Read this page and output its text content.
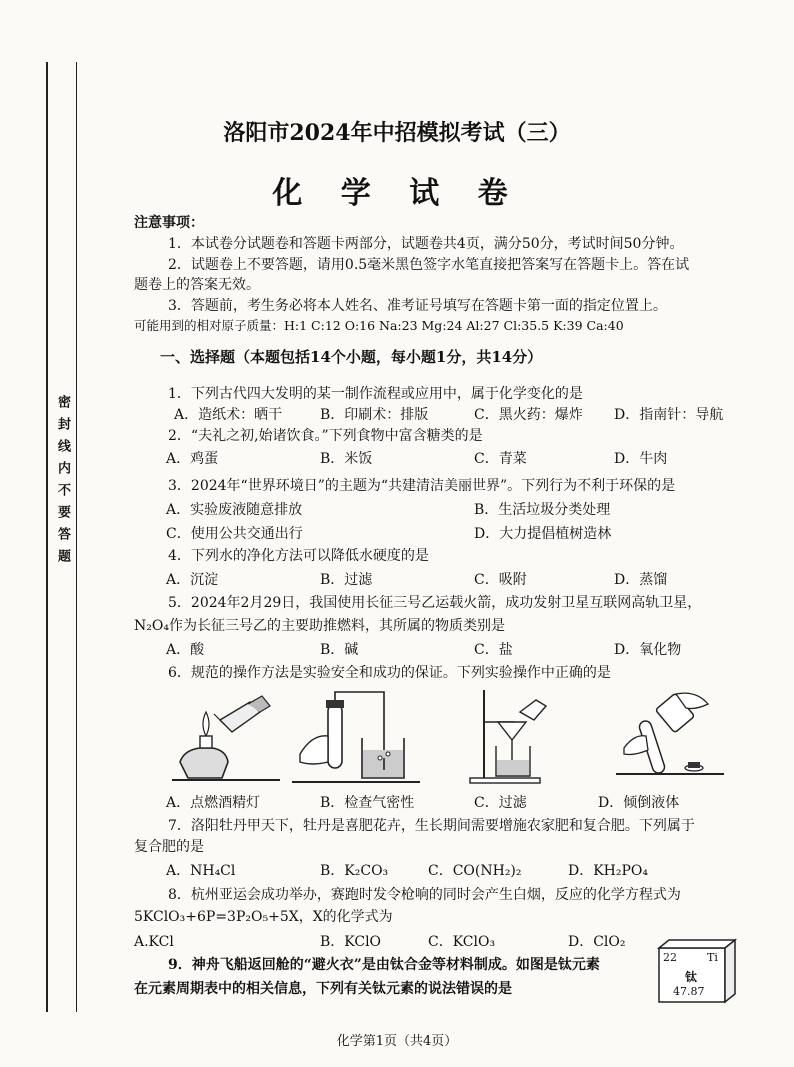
密封线内不要答题
洛阳市2024年中招模拟考试（三）
化 学 试 卷
注意事项：
1．本试卷分试题卷和答题卡两部分，试题卷共4页，满分50分，考试时间50分钟。
2．试题卷上不要答题，请用0.5毫米黑色签字水笔直接把答案写在答题卡上。答在试
题卷上的答案无效。
3．答题前，考生务必将本人姓名、准考证号填写在答题卡第一面的指定位置上。
可能用到的相对原子质量：H:1 C:12 O:16 Na:23 Mg:24 Al:27 Cl:35.5 K:39 Ca:40
一、选择题（本题包括14个小题，每小题1分，共14分）
1．下列古代四大发明的某一制作流程或应用中，属于化学变化的是
A．造纸术：晒干	B．印刷术：排版	C．黑火药：爆炸 D．指南针：导航
2．“夫礼之初,始诸饮食。”下列食物中富含糖类的是
A．鸡蛋	B．米饭	C．青菜	D．牛肉
3．2024年“世界环境日”的主题为“共建清洁美丽世界”。下列行为不利于环保的是
A．实验废液随意排放	B．生活垃圾分类处理
C．使用公共交通出行	D．大力提倡植树造林
4．下列水的净化方法可以降低水硬度的是
A．沉淀	B．过滤	C．吸附	D．蒸馏
5．2024年2月29日，我国使用长征三号乙运载火箭，成功发射卫星互联网高轨卫星，
N₂O₄作为长征三号乙的主要助推燃料，其所属的物质类别是
A．酸	B．碱	C．盐	D．氧化物
6．规范的操作方法是实验安全和成功的保证。下列实验操作中正确的是
A．点燃酒精灯	B．检查气密性	C．过滤	D．倾倒液体
7．洛阳牡丹甲天下，牡丹是喜肥花卉，生长期间需要增施农家肥和复合肥。下列属于
复合肥的是
A．NH₄Cl	B．K₂CO₃	C．CO(NH₂)₂	D．KH₂PO₄
8．杭州亚运会成功举办，赛跑时发令枪响的同时会产生白烟，反应的化学方程式为
5KClO₃+6P=3P₂O₅+5X，X的化学式为
A.KCl	B．KClO	C．KClO₃	D．ClO₂
9．神舟飞船返回舱的“避火衣”是由钛合金等材料制成。如图是钛元素
在元素周期表中的相关信息，下列有关钛元素的说法错误的是
22	Ti
钛
47.87
化学第1页（共4页）
